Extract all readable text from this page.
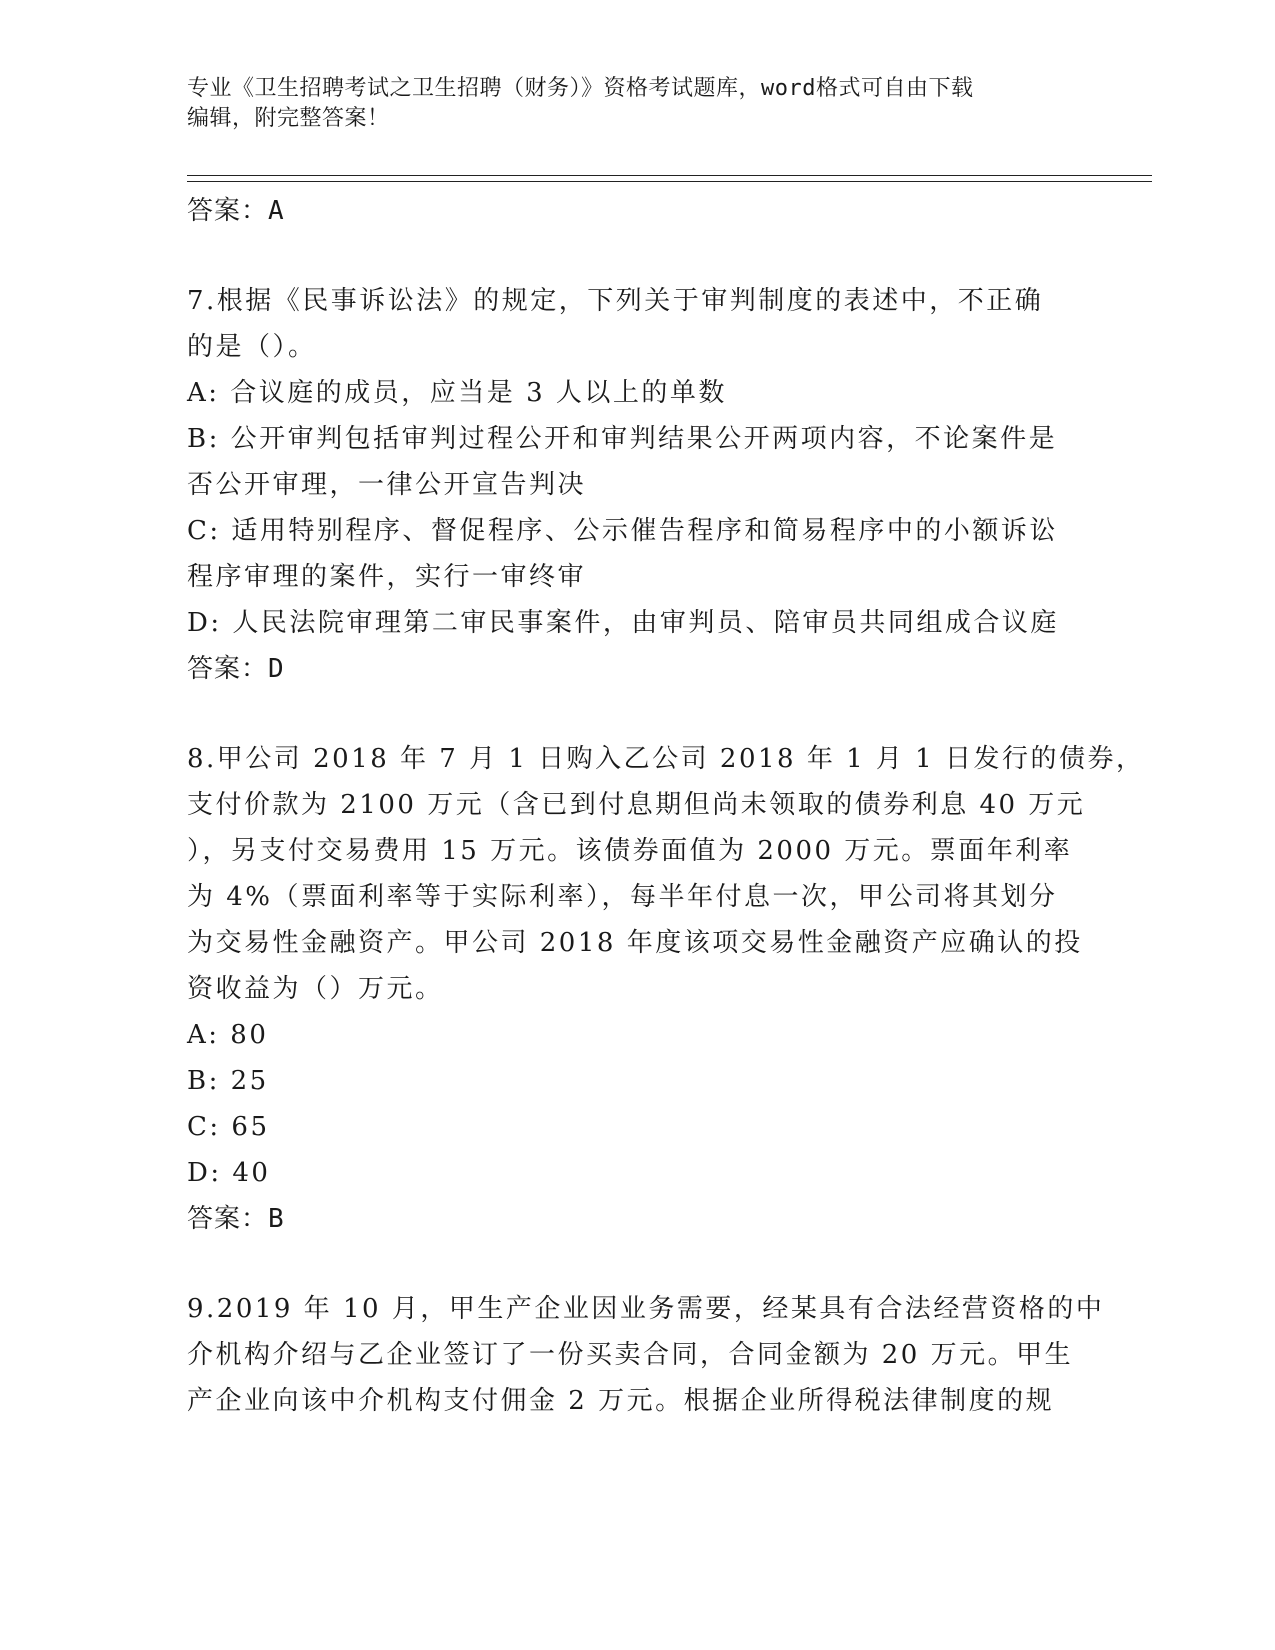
专业《卫生招聘考试之卫生招聘（财务）》资格考试题库，word格式可自由下载
编辑，附完整答案！
答案：A
7.根据《民事诉讼法》的规定，下列关于审判制度的表述中，不正确
的是（）。
A: 合议庭的成员，应当是 3 人以上的单数
B: 公开审判包括审判过程公开和审判结果公开两项内容，不论案件是
否公开审理，一律公开宣告判决
C: 适用特别程序、督促程序、公示催告程序和简易程序中的小额诉讼
程序审理的案件，实行一审终审
D: 人民法院审理第二审民事案件，由审判员、陪审员共同组成合议庭
答案：D
8.甲公司 2018 年 7 月 1 日购入乙公司 2018 年 1 月 1 日发行的债券，
支付价款为 2100 万元（含已到付息期但尚未领取的债券利息 40 万元
），另支付交易费用 15 万元。该债券面值为 2000 万元。票面年利率
为 4%（票面利率等于实际利率），每半年付息一次，甲公司将其划分
为交易性金融资产。甲公司 2018 年度该项交易性金融资产应确认的投
资收益为（）万元。
A: 80
B: 25
C: 65
D: 40
答案：B
9.2019 年 10 月，甲生产企业因业务需要，经某具有合法经营资格的中
介机构介绍与乙企业签订了一份买卖合同，合同金额为 20 万元。甲生
产企业向该中介机构支付佣金 2 万元。根据企业所得税法律制度的规
